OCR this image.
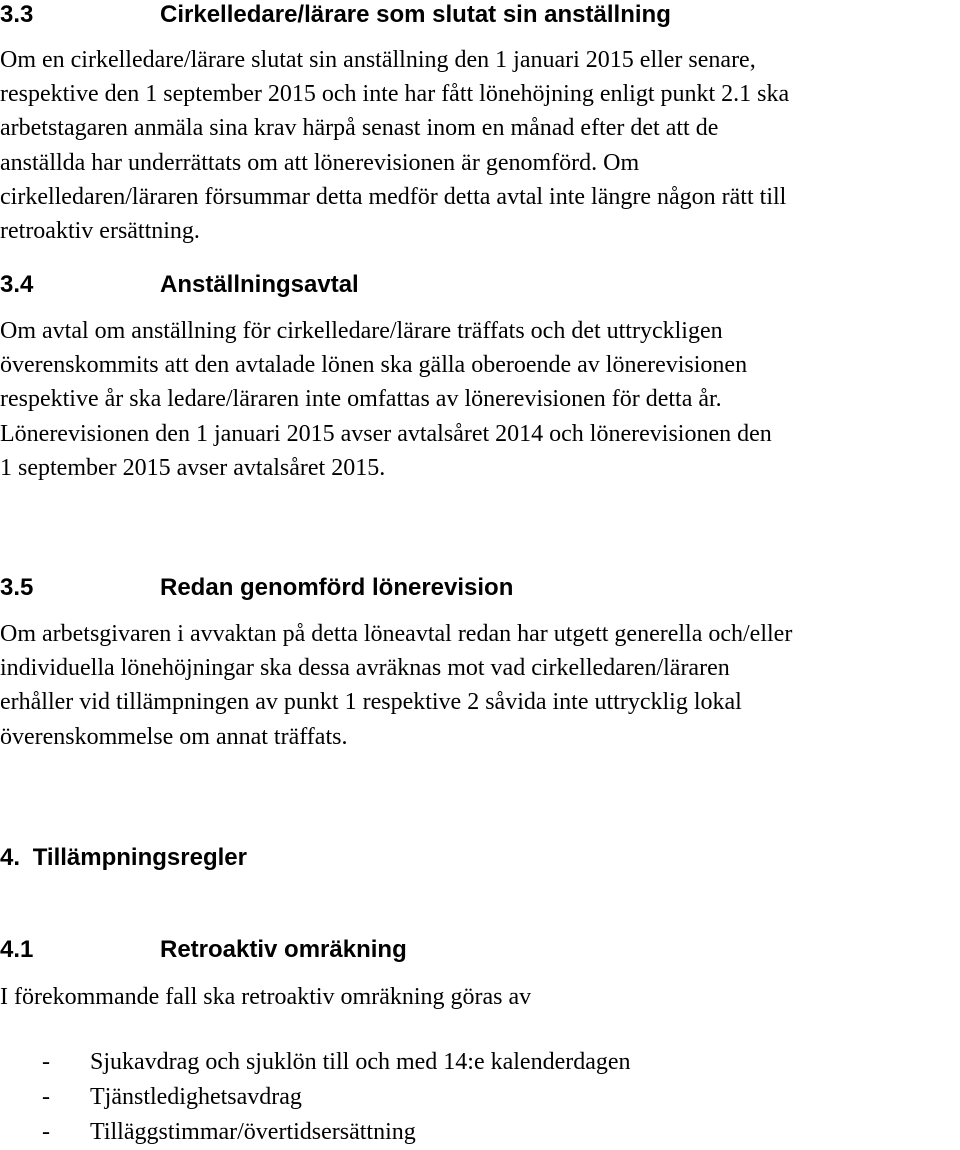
3.3	Cirkelledare/lärare som slutat sin anställning

Om en cirkelledare/lärare slutat sin anställning den 1 januari 2015 eller senare,
respektive den 1 september 2015 och inte har fått lönehöjning enligt punkt 2.1 ska
arbetstagaren anmäla sina krav härpå senast inom en månad efter det att de
anställda har underrättats om att lönerevisionen är genomförd. Om
cirkelledaren/läraren försummar detta medför detta avtal inte längre någon rätt till
retroaktiv ersättning.

3.4	Anställningsavtal

Om avtal om anställning för cirkelledare/lärare träffats och det uttryckligen
överenskommits att den avtalade lönen ska gälla oberoende av lönerevisionen
respektive år ska ledare/läraren inte omfattas av lönerevisionen för detta år.
Lönerevisionen den 1 januari 2015 avser avtalsåret 2014 och lönerevisionen den
1 september 2015 avser avtalsåret 2015.

3.5	Redan genomförd lönerevision

Om arbetsgivaren i avvaktan på detta löneavtal redan har utgett generella och/eller
individuella lönehöjningar ska dessa avräknas mot vad cirkelledaren/läraren
erhåller vid tillämpningen av punkt 1 respektive 2 såvida inte uttrycklig lokal
överenskommelse om annat träffats.

4. Tillämpningsregler
4.1	Retroaktiv omräkning

I förekommande fall ska retroaktiv omräkning göras av

- Sjukavdrag och sjuklön till och med 14:e kalenderdagen
- Tjänstledighetsavdrag
- Tilläggstimmar/övertidsersättning
